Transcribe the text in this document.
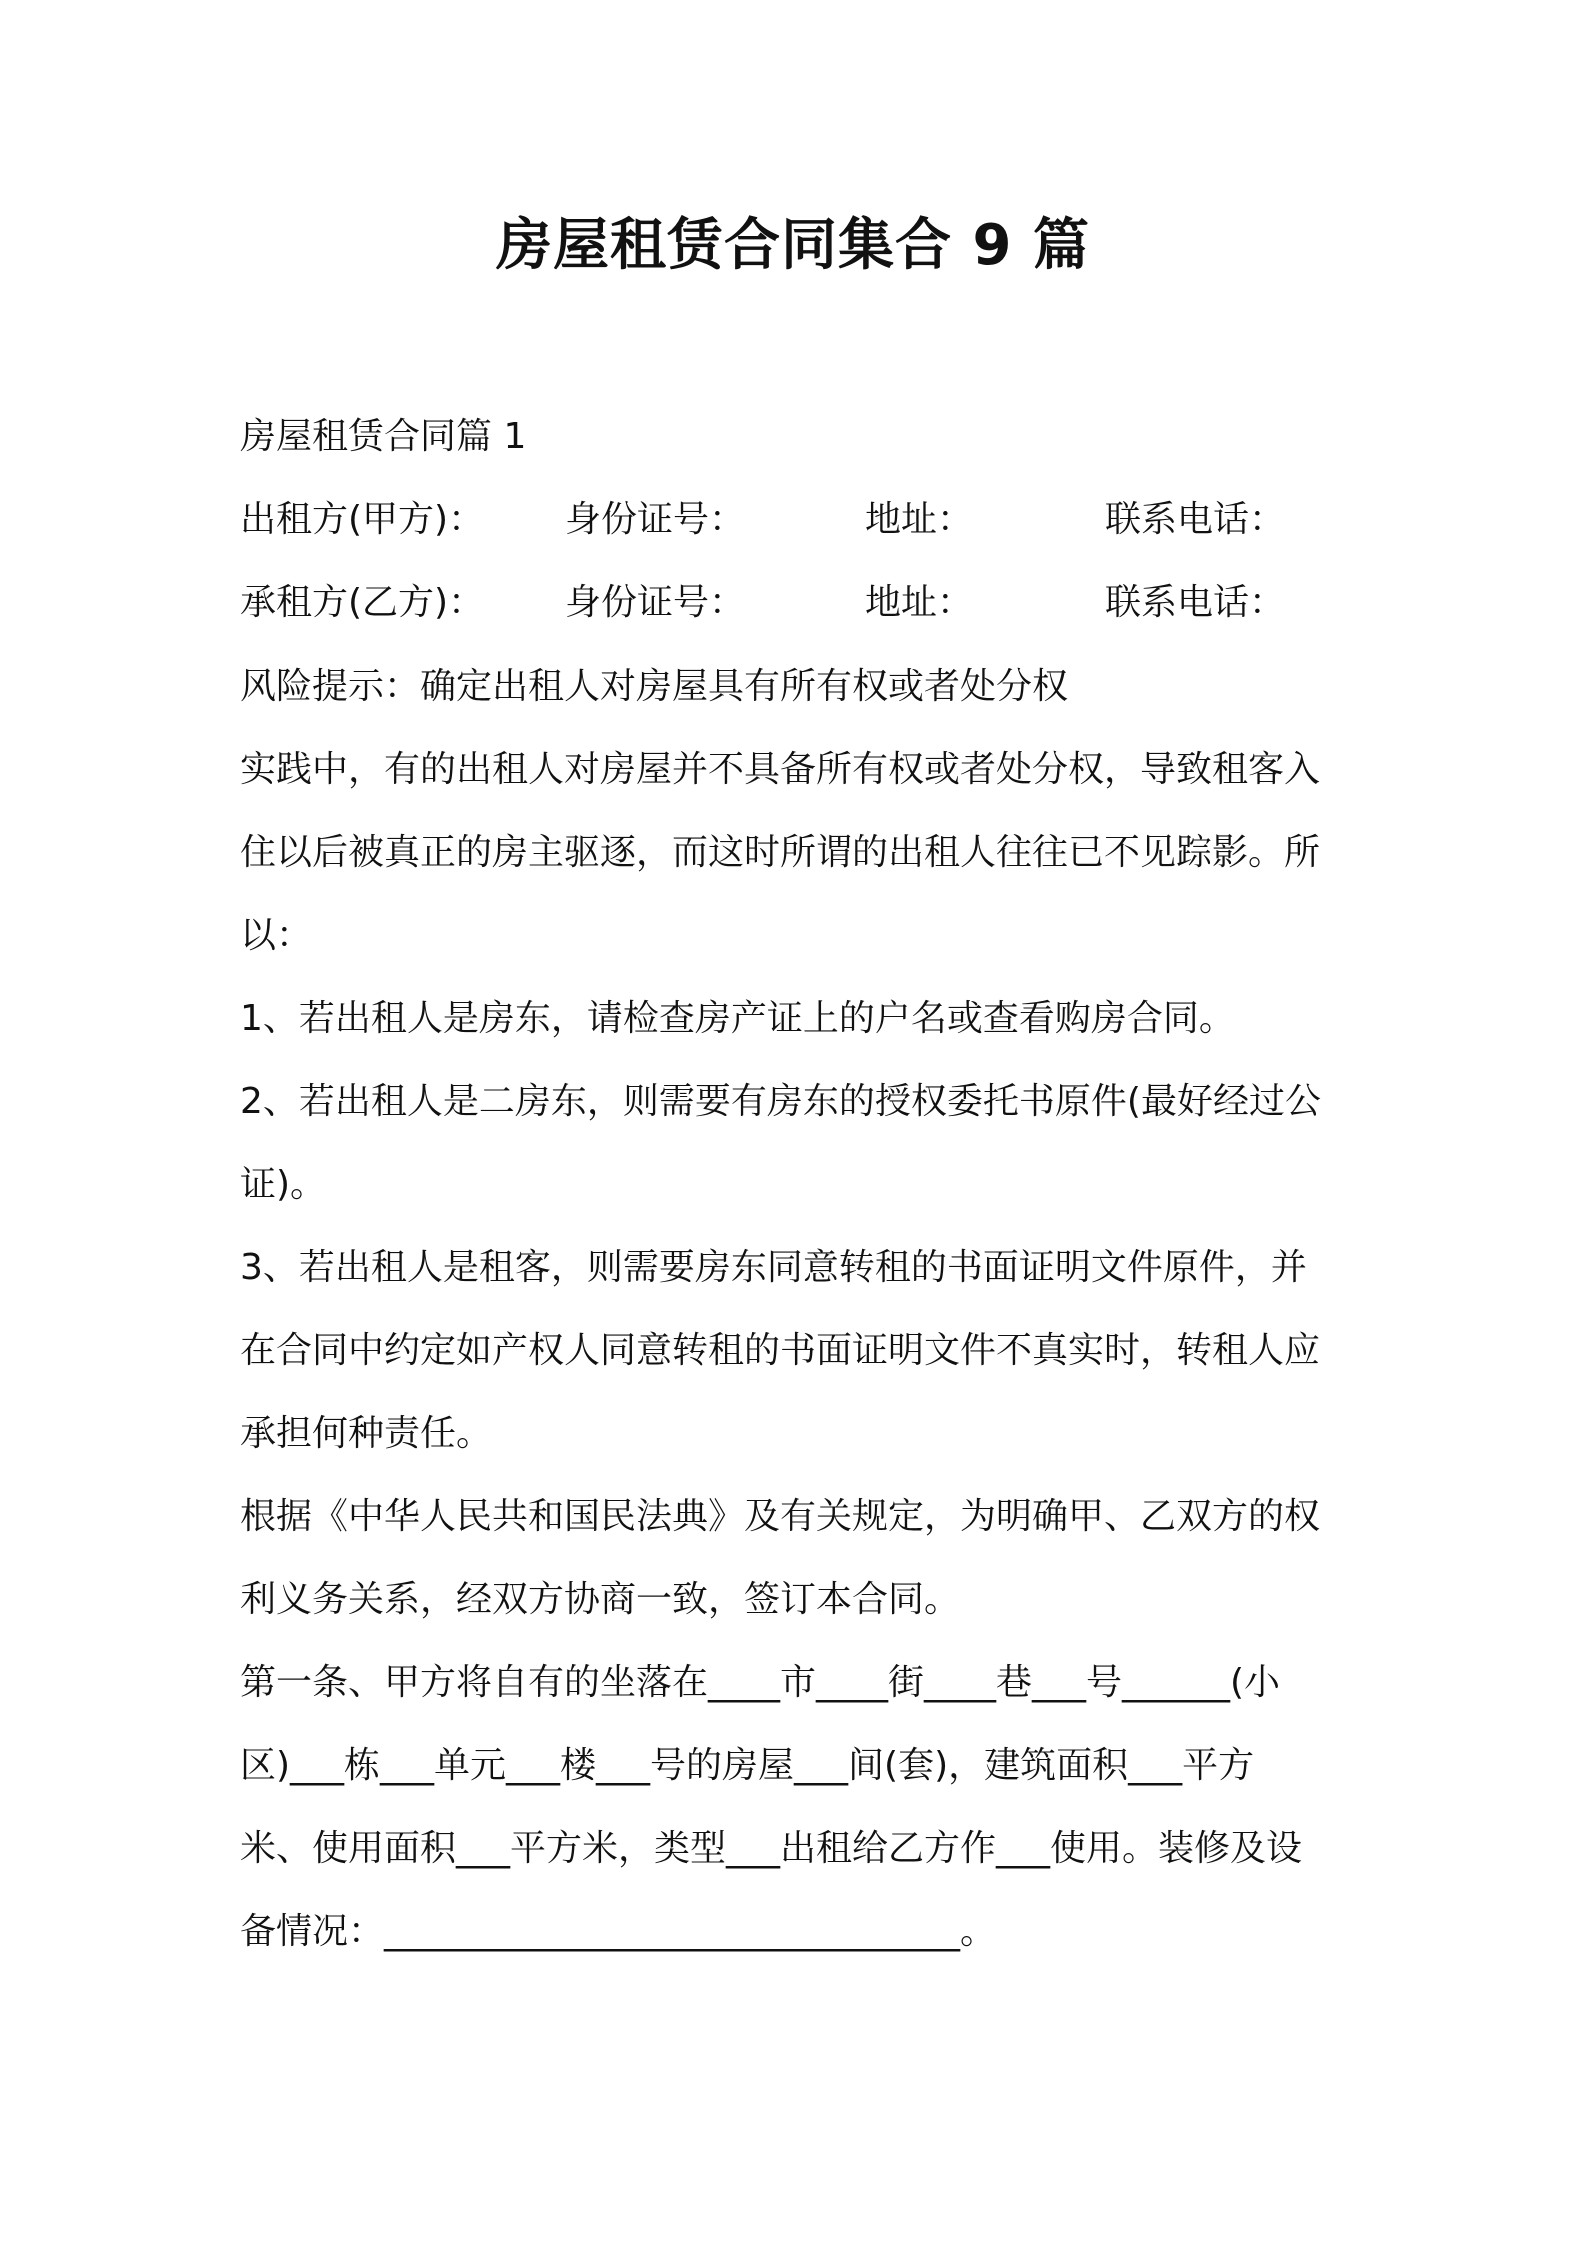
房屋租赁合同集合 9 篇
房屋租赁合同篇 1
出租方(甲方)： 身份证号：	地址：	联系电话：
承租方(乙方)： 身份证号：	地址：	联系电话：
风险提示：确定出租人对房屋具有所有权或者处分权
实践中，有的出租人对房屋并不具备所有权或者处分权，导致租客入
住以后被真正的房主驱逐，而这时所谓的出租人往往已不见踪影。所
以：
1、若出租人是房东，请检查房产证上的户名或查看购房合同。
2、若出租人是二房东，则需要有房东的授权委托书原件(最好经过公
证)。
3、若出租人是租客，则需要房东同意转租的书面证明文件原件，并
在合同中约定如产权人同意转租的书面证明文件不真实时，转租人应
承担何种责任。
根据《中华人民共和国民法典》及有关规定，为明确甲、乙双方的权
利义务关系，经双方协商一致，签订本合同。
第一条、甲方将自有的坐落在____市____街____巷___号______(小
区)___栋___单元___楼___号的房屋___间(套)，建筑面积___平方
米、使用面积___平方米，类型___出租给乙方作___使用。装修及设
备情况：________________________________。
